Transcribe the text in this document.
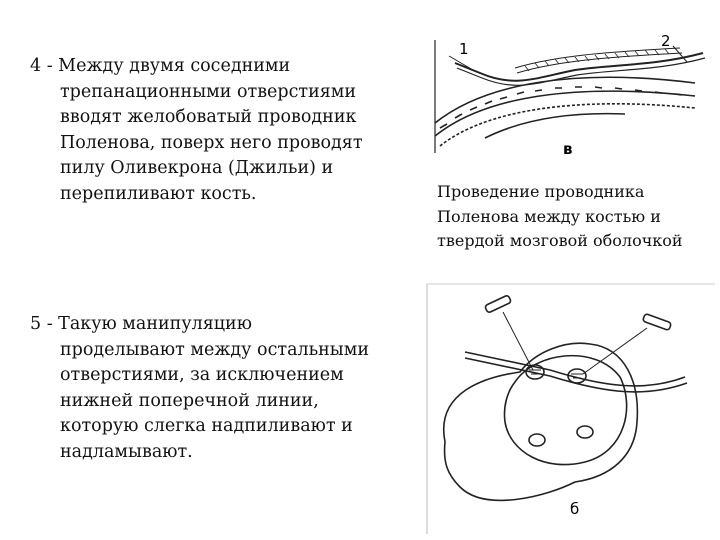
4 - Между двумя соседними
трепанационными отверстиями
вводят желобоватый проводник
Поленова, поверх него проводят
пилу Оливекрона (Джильи) и
перепиливают кость.
5 - Такую манипуляцию
проделывают между остальными
отверстиями, за исключением
нижней поперечной линии,
которую слегка надпиливают и
надламывают.
1	2
в
Проведение проводника
Поленова между костью и
твердой мозговой оболочкой
б
